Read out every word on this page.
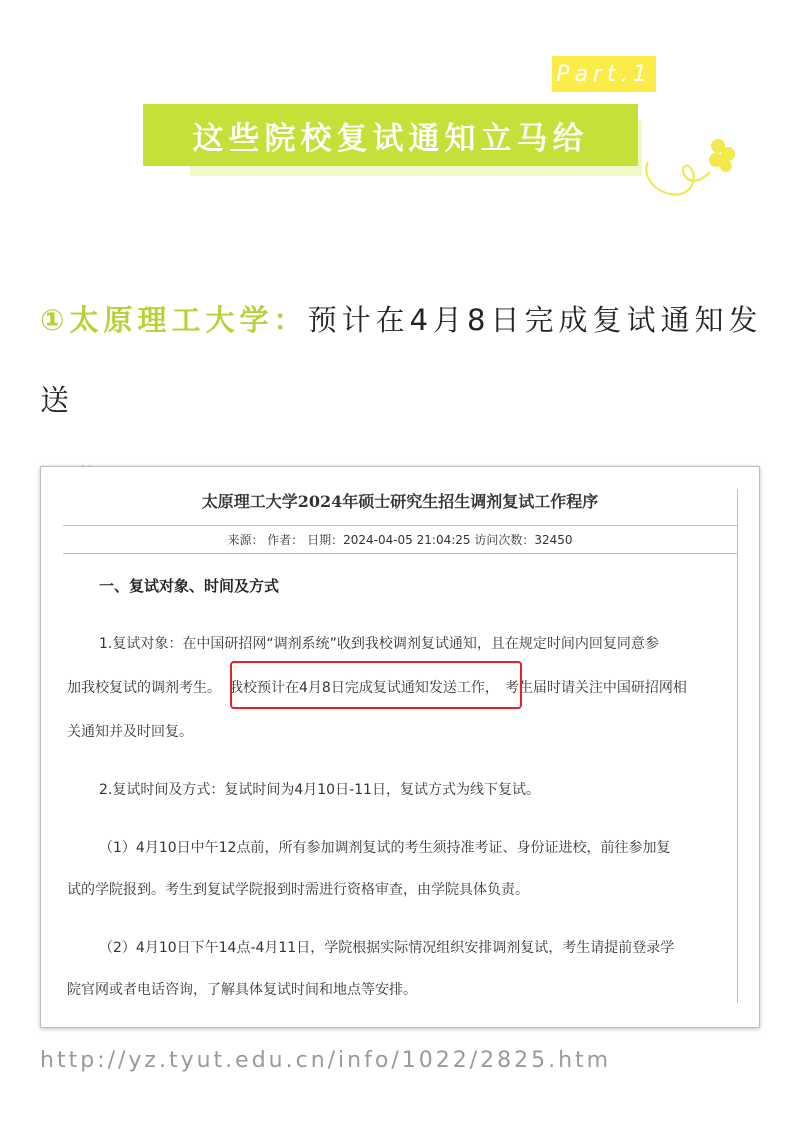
Part.1
这些院校复试通知立马给
①太原理工大学：预计在4月8日完成复试通知发送

太原理工大学2024年硕士研究生招生调剂复试工作程序
来源： 作者： 日期：2024-04-05 21:04:25 访问次数：32450
一、复试对象、时间及方式
1.复试对象：在中国研招网“调剂系统”收到我校调剂复试通知，且在规定时间内回复同意参
加我校复试的调剂考生。 我校预计在4月8日完成复试通知发送工作， 考生届时请关注中国研招网相
关通知并及时回复。
2.复试时间及方式：复试时间为4月10日-11日，复试方式为线下复试。
（1）4月10日中午12点前，所有参加调剂复试的考生须持准考证、身份证进校，前往参加复
试的学院报到。考生到复试学院报到时需进行资格审查，由学院具体负责。
（2）4月10日下午14点-4月11日，学院根据实际情况组织安排调剂复试，考生请提前登录学
院官网或者电话咨询，了解具体复试时间和地点等安排。
http://yz.tyut.edu.cn/info/1022/2825.htm
